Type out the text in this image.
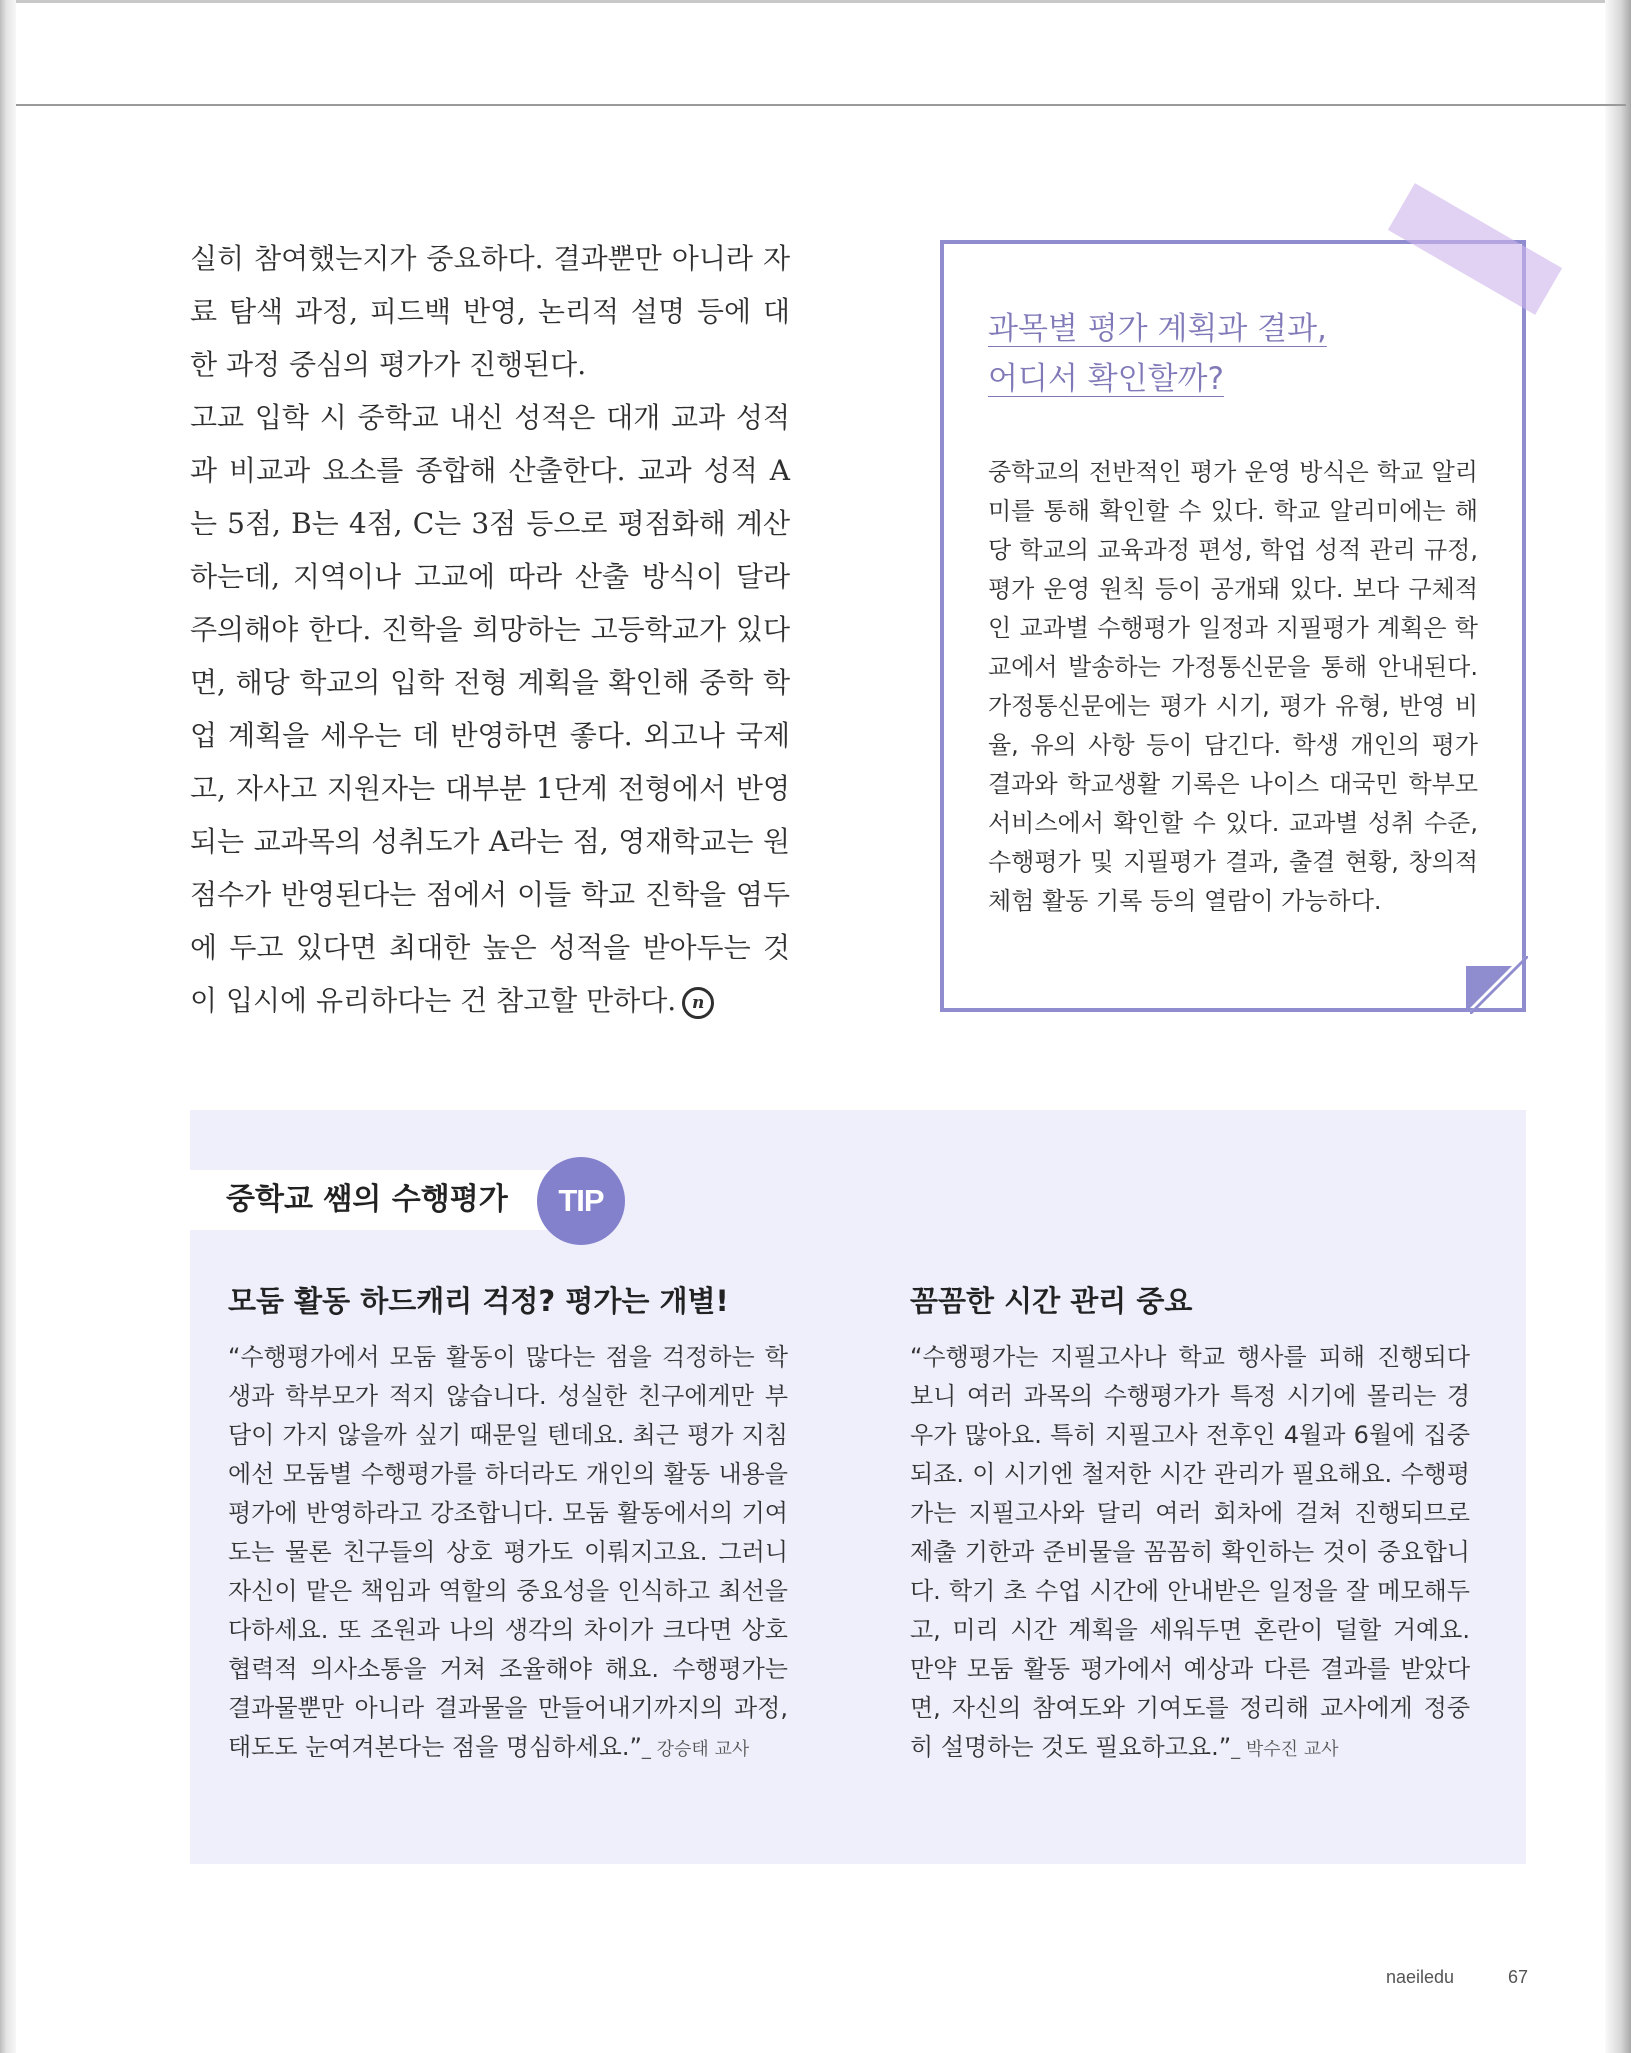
실히 참여했는지가 중요하다. 결과뿐만 아니라 자료 탐색 과정, 피드백 반영, 논리적 설명 등에 대한 과정 중심의 평가가 진행된다.

고교 입학 시 중학교 내신 성적은 대개 교과 성적과 비교과 요소를 종합해 산출한다. 교과 성적 A는 5점, B는 4점, C는 3점 등으로 평점화해 계산하는데, 지역이나 고교에 따라 산출 방식이 달라 주의해야 한다. 진학을 희망하는 고등학교가 있다면, 해당 학교의 입학 전형 계획을 확인해 중학 학업 계획을 세우는 데 반영하면 좋다. 외고나 국제고, 자사고 지원자는 대부분 1단계 전형에서 반영되는 교과목의 성취도가 A라는 점, 영재학교는 원점수가 반영된다는 점에서 이들 학교 진학을 염두에 두고 있다면 최대한 높은 성적을 받아두는 것이 입시에 유리하다는 건 참고할 만하다. n

과목별 평가 계획과 결과,
어디서 확인할까?
중학교의 전반적인 평가 운영 방식은 학교 알리미를 통해 확인할 수 있다. 학교 알리미에는 해당 학교의 교육과정 편성, 학업 성적 관리 규정, 평가 운영 원칙 등이 공개돼 있다. 보다 구체적인 교과별 수행평가 일정과 지필평가 계획은 학교에서 발송하는 가정통신문을 통해 안내된다. 가정통신문에는 평가 시기, 평가 유형, 반영 비율, 유의 사항 등이 담긴다. 학생 개인의 평가 결과와 학교생활 기록은 나이스 대국민 학부모 서비스에서 확인할 수 있다. 교과별 성취 수준, 수행평가 및 지필평가 결과, 출결 현황, 창의적 체험 활동 기록 등의 열람이 가능하다.
중학교 쌤의 수행평가	TIP
모둠 활동 하드캐리 걱정? 평가는 개별!

“수행평가에서 모둠 활동이 많다는 점을 걱정하는 학생과 학부모가 적지 않습니다. 성실한 친구에게만 부담이 가지 않을까 싶기 때문일 텐데요. 최근 평가 지침에선 모둠별 수행평가를 하더라도 개인의 활동 내용을 평가에 반영하라고 강조합니다. 모둠 활동에서의 기여도는 물론 친구들의 상호 평가도 이뤄지고요. 그러니 자신이 맡은 책임과 역할의 중요성을 인식하고 최선을 다하세요. 또 조원과 나의 생각의 차이가 크다면 상호 협력적 의사소통을 거쳐 조율해야 해요. 수행평가는 결과물뿐만 아니라 결과물을 만들어내기까지의 과정, 태도도 눈여겨본다는 점을 명심하세요.”_ 강승태 교사

꼼꼼한 시간 관리 중요

“수행평가는 지필고사나 학교 행사를 피해 진행되다 보니 여러 과목의 수행평가가 특정 시기에 몰리는 경우가 많아요. 특히 지필고사 전후인 4월과 6월에 집중되죠. 이 시기엔 철저한 시간 관리가 필요해요. 수행평가는 지필고사와 달리 여러 회차에 걸쳐 진행되므로 제출 기한과 준비물을 꼼꼼히 확인하는 것이 중요합니다. 학기 초 수업 시간에 안내받은 일정을 잘 메모해두고, 미리 시간 계획을 세워두면 혼란이 덜할 거예요. 만약 모둠 활동 평가에서 예상과 다른 결과를 받았다면, 자신의 참여도와 기여도를 정리해 교사에게 정중히 설명하는 것도 필요하고요.”_ 박수진 교사

naeiledu	67
